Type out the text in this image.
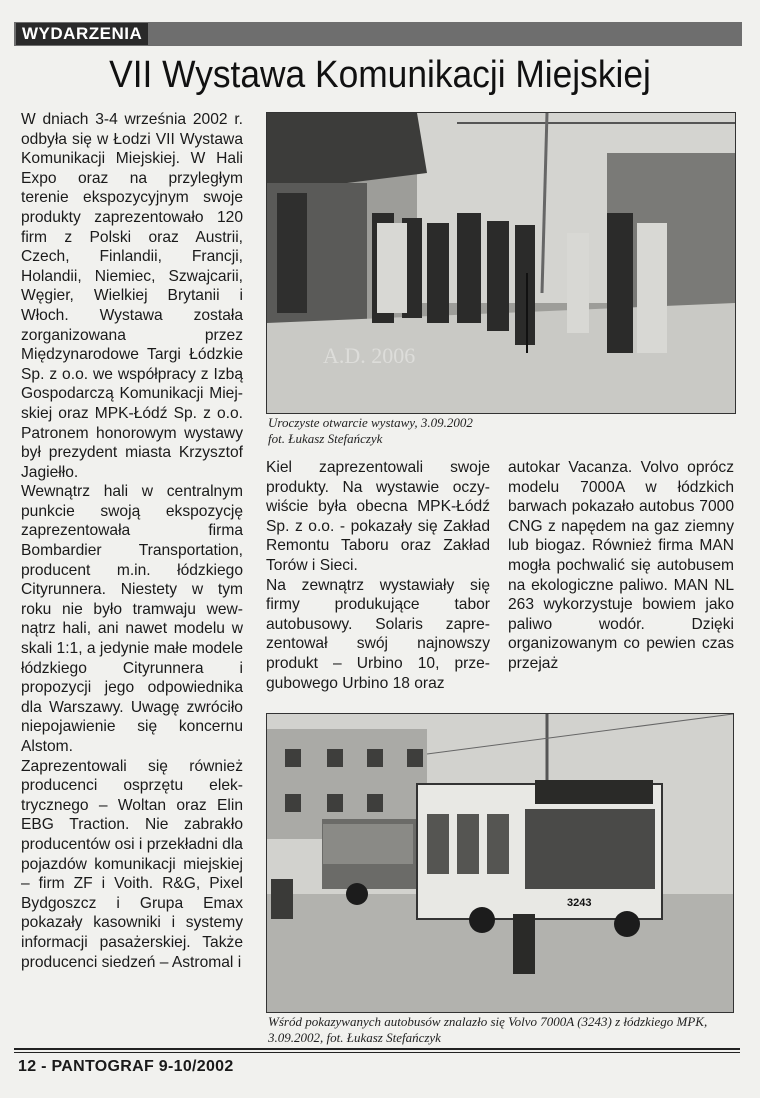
WYDARZENIA
VII Wystawa Komunikacji Miejskiej

W dniach 3-4 września 2002 r. odbyła się w Łodzi VII Wystawa Komunikacji Miejskiej. W Hali Expo oraz na przyległym terenie ekspozycyjnym swoje produkty zaprezentowało 120 firm z Polski oraz Austrii, Czech, Finlandii, Francji, Holandii, Niemiec, Szwajcarii, Węgier, Wielkiej Brytanii i Włoch. Wystawa została zorganizowana przez Międzynarodowe Targi Łódzkie Sp. z o.o. we współpracy z Izbą Gospodarczą Komunikacji Miejskiej oraz MPK-Łódź Sp. z o.o. Patronem honorowym wystawy był prezydent miasta Krzysztof Jagiełło.

Wewnątrz hali w centralnym punkcie swoją ekspozycję zaprezentowała firma Bombardier Transportation, producent m.in. łódzkiego Cityrunnera. Niestety w tym roku nie było tramwaju wewnątrz hali, ani nawet modelu w skali 1:1, a jedynie małe modele łódzkiego Cityrunnera i propozycji jego odpowiednika dla Warszawy. Uwagę zwróciło niepojawienie się koncernu Alstom.

Zaprezentowali się również producenci osprzętu elektrycznego – Woltan oraz Elin EBG Traction. Nie zabrakło producentów osi i przekładni dla pojazdów komunikacji miejskiej – firm ZF i Voith. R&G, Pixel Bydgoszcz i Grupa Emax pokazały kasowniki i systemy informacji pasażerskiej. Także producenci siedzeń – Astromal i

A.D. 2006
Uroczyste otwarcie wystawy, 3.09.2002
fot. Łukasz Stefańczyk

Kiel zaprezentowali swoje produkty. Na wystawie oczywiście była obecna MPK-Łódź Sp. z o.o. - pokazały się Zakład Remontu Taboru oraz Zakład Torów i Sieci.

Na zewnątrz wystawiały się firmy produkujące tabor autobusowy. Solaris zaprezentował swój najnowszy produkt – Urbino 10, przegubowego Urbino 18 oraz

autokar Vacanza. Volvo oprócz modelu 7000A w łódzkich barwach pokazało autobus 7000 CNG z napędem na gaz ziemny lub biogaz. Również firma MAN mogła pochwalić się autobusem na ekologiczne paliwo. MAN NL 263 wykorzystuje bowiem jako paliwo wodór. Dzięki organizowanym co pewien czas przejaż

3243
Wśród pokazywanych autobusów znalazło się Volvo 7000A (3243) z łódzkiego MPK, 3.09.2002, fot. Łukasz Stefańczyk
12 - PANTOGRAF 9-10/2002
